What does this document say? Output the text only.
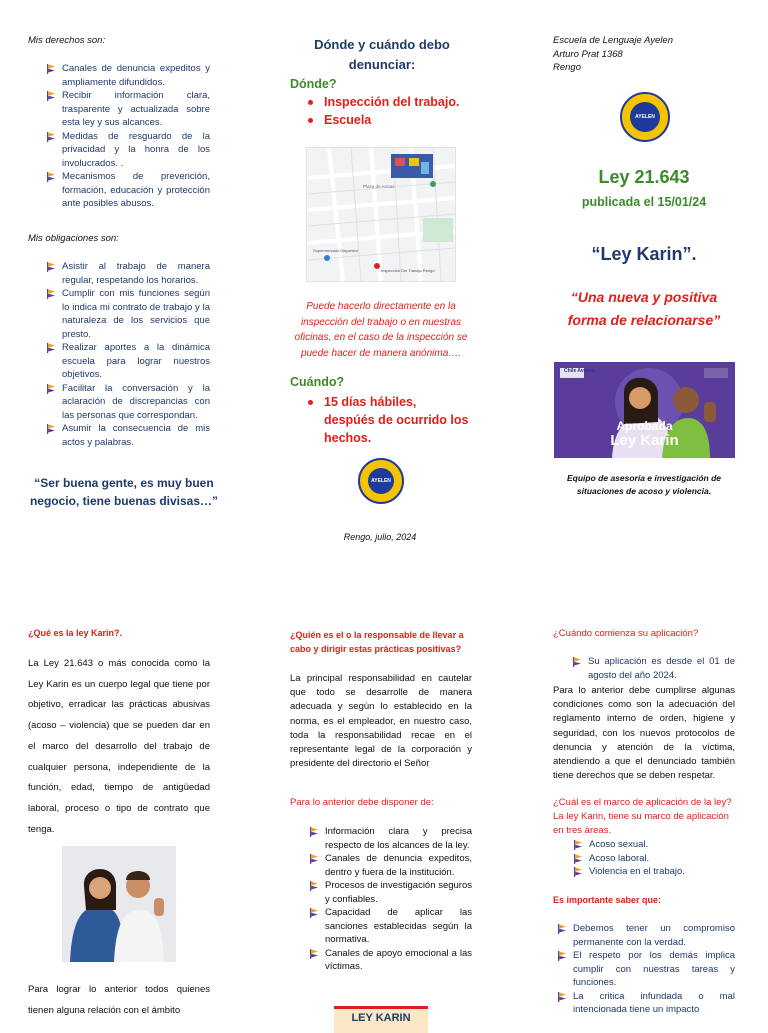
Mis derechos son:
Canales de denuncia expeditos y ampliamente difundidos.
Recibir información clara, trasparente y actualizada sobre esta ley y sus alcances.
Medidas de resguardo de la privacidad y la honra de los involucrados. .
Mecanismos de prevención, formación, educación y protección ante posibles abusos.
Mis obligaciones son:
Asistir al trabajo de manera regular, respetando los horarios.
Cumplir con mis funciones según lo indica mi contrato de trabajo y la naturaleza de los servicios que presto.
Realizar aportes a la dinámica escuela para lograr nuestros objetivos.
Facilitar la conversación y la aclaración de discrepancias con las personas que correspondan.
Asumir la consecuencia de mis actos y palabras.
“Ser buena gente, es muy buen negocio, tiene buenas divisas…”
Dónde y cuándo debo denunciar:
Dónde?
Inspección del trabajo.
Escuela
Plaza de Armas
Inspección Del Trabajo Rengo
Supermercado Mayorista
Puede hacerlo directamente en la inspección del trabajo o en nuestras oficinas, en el caso de la inspección se puede hacer de manera anónima….
Cuándo?
15 días hábiles, despúés de ocurrido los hechos.
AYELEN
Rengo, julio, 2024
Escuela de Lenguaje Ayelen
Arturo Prat 1368
Rengo
AYELEN
Ley 21.643
publicada el 15/01/24
“Ley Karin”.
“Una nueva y positiva forma de relacionarse”
Chile Avanza
Aprobada
Ley Karin
Equipo de asesoría e investigación de situaciones de acoso y violencia.
¿Qué es la ley Karin?.
La Ley 21.643 o más conocida como la Ley Karin es un cuerpo legal que tiene por objetivo, erradicar las prácticas abusivas (acoso – violencia) que se pueden dar en el marco del desarrollo del trabajo de cualquier persona, independiente de la función, edad, tiempo de antigüedad laboral, proceso o tipo de contrato que tenga.
Para lograr lo anterior todos quienes tienen alguna relación con el ámbito
¿Quién es el o la responsable de llevar a cabo y dirigir estas prácticas positivas?
La principal responsabilidad en cautelar que todo se desarrolle de manera adecuada y según lo establecido en la norma, es el empleador, en nuestro caso, toda la responsabilidad recae en el representante legal de la corporación y presidente del directorio el Señor
Para lo anterior debe disponer de:
Información clara y precisa respecto de los alcances de la ley.
Canales de denuncia expeditos, dentro y fuera de la institución.
Procesos de investigación seguros y confiables.
Capacidad de aplicar las sanciones establecidas según la normativa.
Canales de apoyo emocional a las víctimas.
LEY KARIN
¿Cuándo comienza su aplicación?
Su aplicación es desde el 01 de agosto del año 2024.
Para lo anterior debe cumplirse algunas condiciones como son la adecuación del reglamento interno de orden, higiene y seguridad, con los nuevos protocolos de denuncia y atención de la víctima, atendiendo a que el denunciado también tiene derechos que se deben respetar.
¿Cuál es el marco de aplicación de la ley? La ley Karin, tiene su marco de aplicación en tres áreas.
Acoso sexual.
Acoso laboral.
Violencia en el trabajo.
Es importante saber que:
Debemos tener un compromiso permanente con la verdad.
El respeto por los demás implica cumplir con nuestras tareas y funciones.
La critica infundada o mal intencionada tiene un impacto
